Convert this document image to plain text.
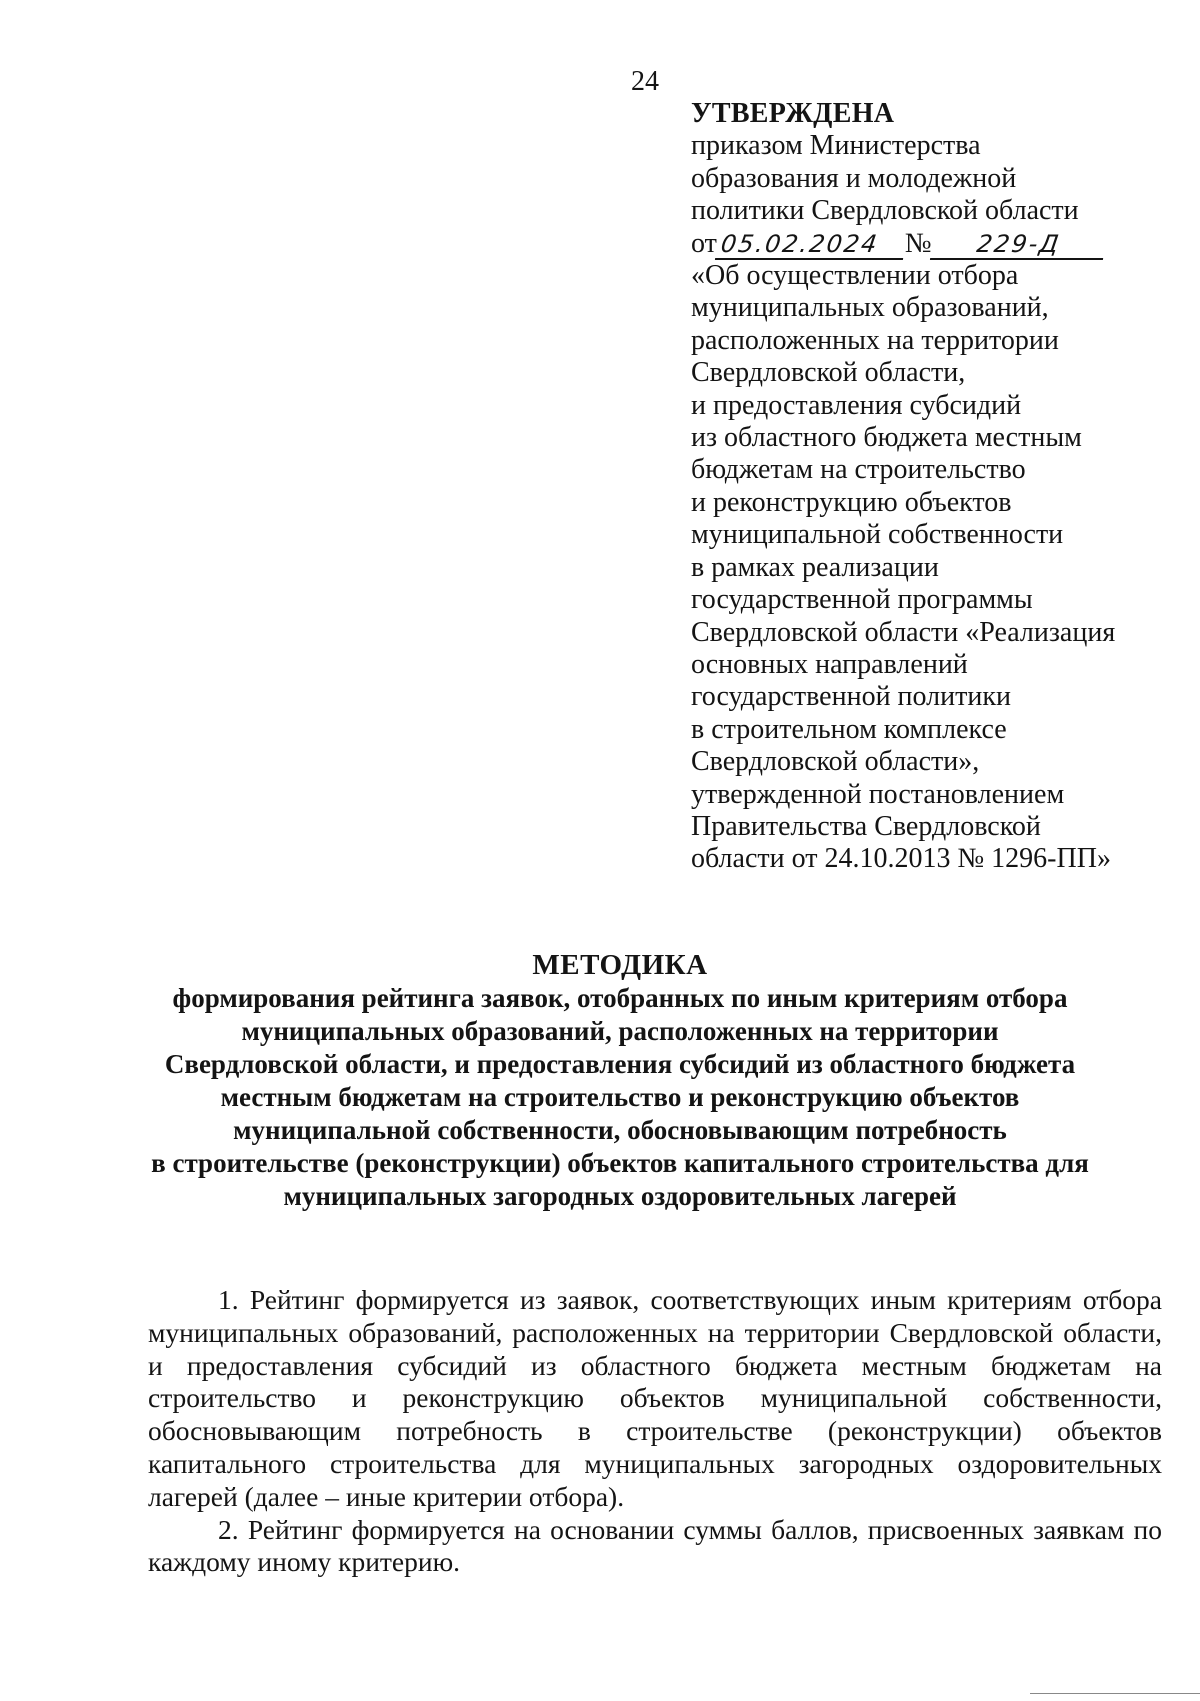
24
УТВЕРЖДЕНА
приказом Министерства
образования и молодежной
политики Свердловской области
от05.02.2024 № 229-Д
«Об осуществлении отбора
муниципальных образований,
расположенных на территории
Свердловской области,
и предоставления субсидий
из областного бюджета местным
бюджетам на строительство
и реконструкцию объектов
муниципальной собственности
в рамках реализации
государственной программы
Свердловской области «Реализация
основных направлений
государственной политики
в строительном комплексе
Свердловской области»,
утвержденной постановлением
Правительства Свердловской
области от 24.10.2013 № 1296-ПП»
МЕТОДИКА
формирования рейтинга заявок, отобранных по иным критериям отбора
муниципальных образований, расположенных на территории
Свердловской области, и предоставления субсидий из областного бюджета
местным бюджетам на строительство и реконструкцию объектов
муниципальной собственности, обосновывающим потребность
в строительстве (реконструкции) объектов капитального строительства для
муниципальных загородных оздоровительных лагерей

1. Рейтинг формируется из заявок, соответствующих иным критериям отбора муниципальных образований, расположенных на территории Свердловской области, и предоставления субсидий из областного бюджета местным бюджетам на строительство и реконструкцию объектов муниципальной собственности, обосновывающим потребность в строительстве (реконструкции) объектов капитального строительства для муниципальных загородных оздоровительных лагерей (далее – иные критерии отбора).

2. Рейтинг формируется на основании суммы баллов, присвоенных заявкам по каждому иному критерию.
